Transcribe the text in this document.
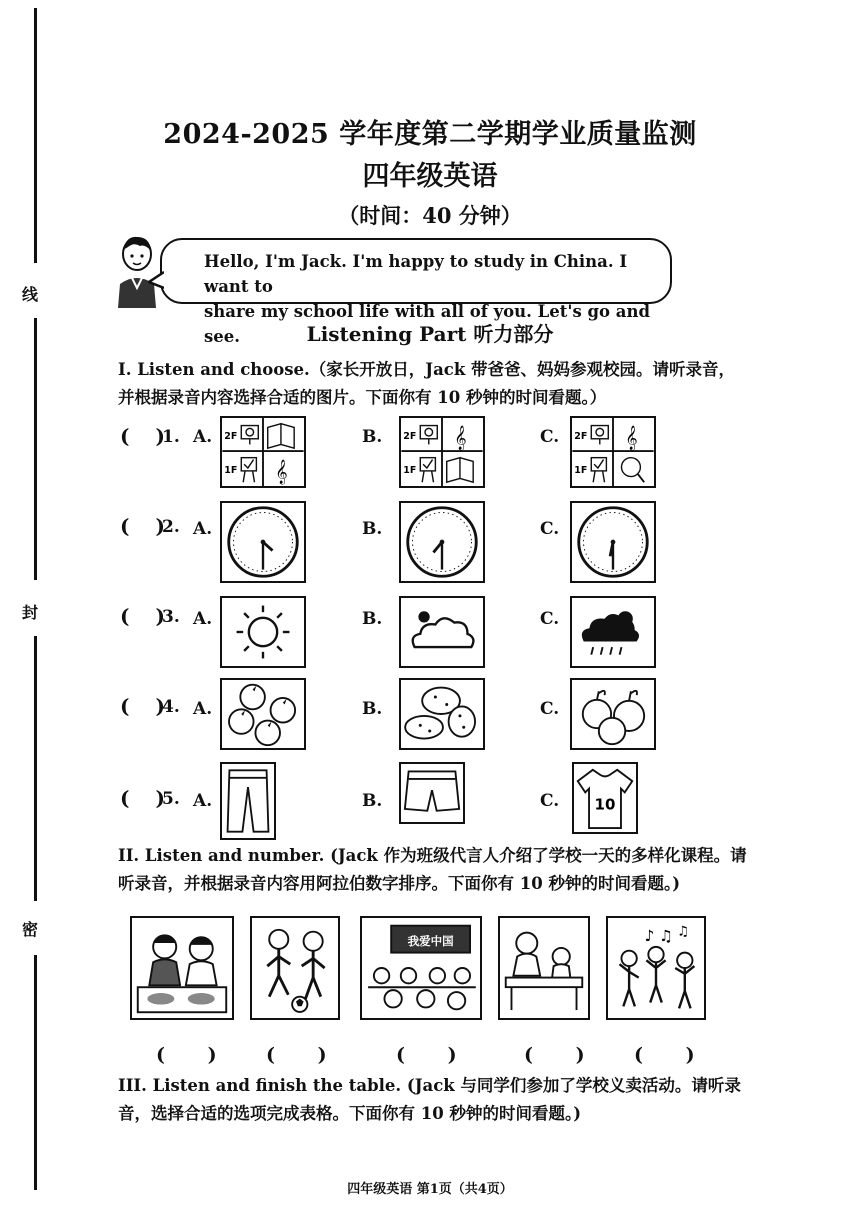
线
封
密
2024-2025 学年度第二学期学业质量监测
四年级英语
（时间：40 分钟）
Hello, I'm Jack. I'm happy to study in China. I want to
share my school life with all of you. Let's go and see.	Listening Part 听力部分
I. Listen and choose.（家长开放日，Jack 带爸爸、妈妈参观校园。请听录音，
并根据录音内容选择合适的图片。下面你有 10 秒钟的时间看题。）
( )
1. A.	B.	C.
( )
2. A.	B.	C.
( )
3. A.	B.	C.
( )
4. A.	B.	C.
( )
5. A.	B.	C.
2F
1F 𝄞
2F
1F
𝄞	2F
1F
𝄞
10
II. Listen and number. (Jack 作为班级代言人介绍了学校一天的多样化课程。请
听录音，并根据录音内容用阿拉伯数字排序。下面你有 10 秒钟的时间看题。)
我爱中国	♪ ♫ ♫
( ) ( )	( )	( ) ( )
III. Listen and finish the table. (Jack 与同学们参加了学校义卖活动。请听录
音，选择合适的选项完成表格。下面你有 10 秒钟的时间看题。)
四年级英语 第1页（共4页）
